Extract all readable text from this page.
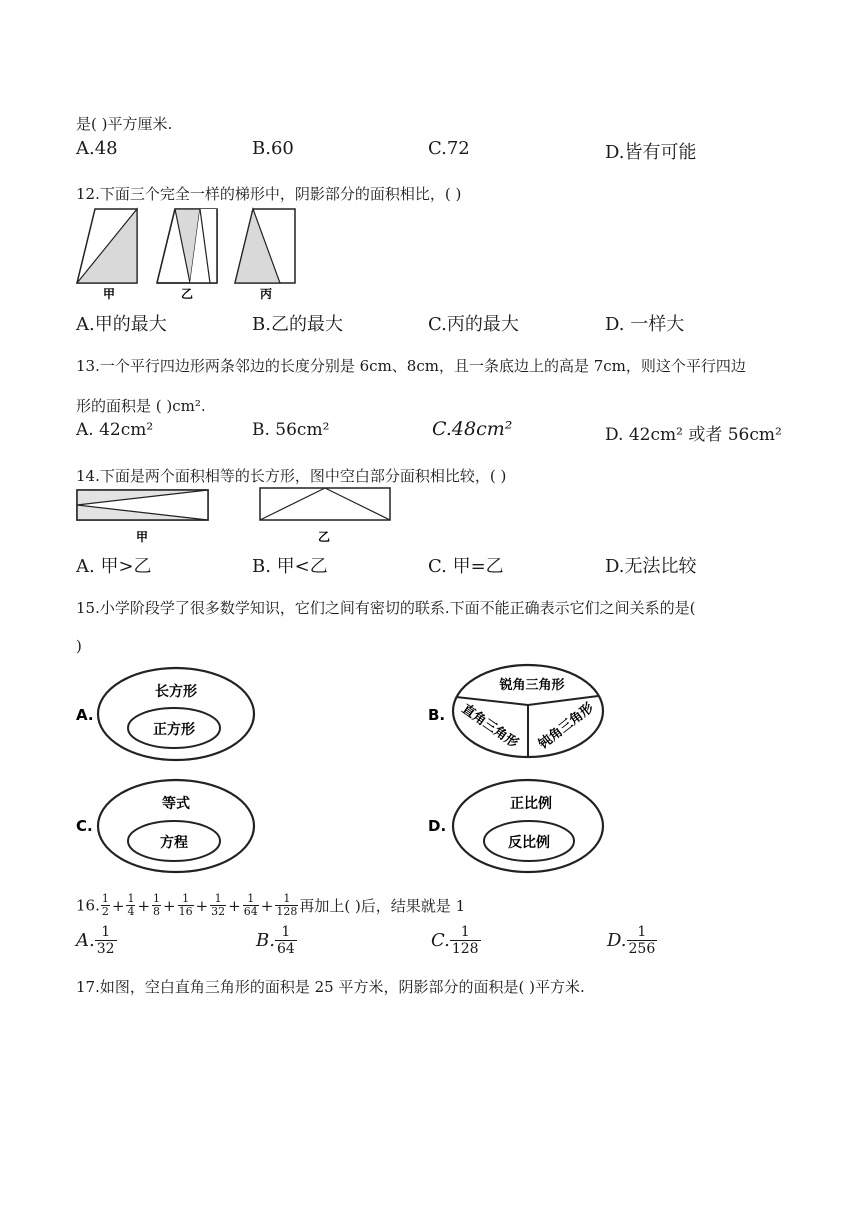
是( )平方厘米.
A.48	B.60	C.72	D.皆有可能
12.下面三个完全一样的梯形中，阴影部分的面积相比，( )
甲	乙	丙
A.甲的最大	B.乙的最大	C.丙的最大	D. 一样大
13.一个平行四边形两条邻边的长度分别是 6cm、8cm，且一条底边上的高是 7cm，则这个平行四边
形的面积是 ( )cm².
A. 42cm²	B. 56cm²	C.48cm²	D. 42cm² 或者 56cm²
14.下面是两个面积相等的长方形，图中空白部分面积相比较，( )
甲	乙
A. 甲>乙	B. 甲<乙	C. 甲=乙	D.无法比较
15.小学阶段学了很多数学知识，它们之间有密切的联系.下面不能正确表示它们之间关系的是(
)
A.
长方形
正方形
B.
锐角三角形
直角三角形 钝角三角形
C.
等式
方程
D.
正比例
反比例
16. $\frac{1}{2} + \frac{1}{4} + \frac{1}{8} + \frac{1}{16} + \frac{1}{32} + \frac{1}{64} + \frac{1}{128}$ 再加上( )后，结果就是 1
A. $\frac{1}{32}$	B. $\frac{1}{64}$	C. $\frac{1}{128}$	D. $\frac{1}{256}$
17.如图，空白直角三角形的面积是 25 平方米，阴影部分的面积是( )平方米.
